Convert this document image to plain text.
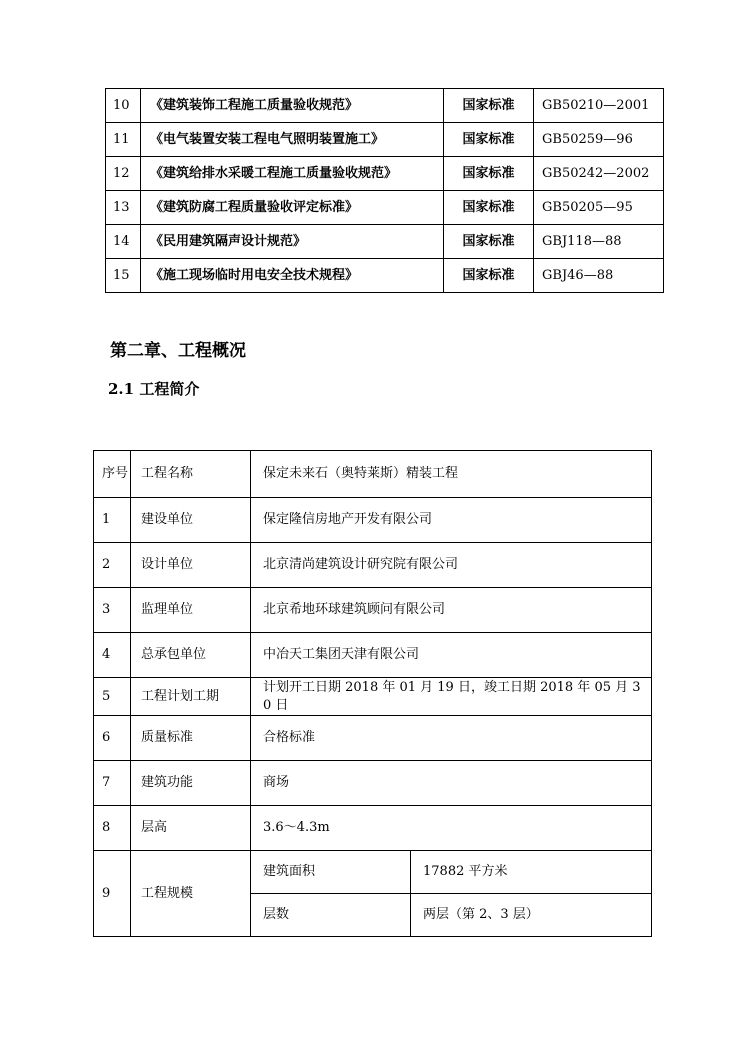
10	《建筑装饰工程施工质量验收规范》	国家标准	GB50210—2001
11	《电气装置安装工程电气照明装置施工》	国家标准	GB50259—96
12	《建筑给排水采暖工程施工质量验收规范》	国家标准	GB50242—2002
13	《建筑防腐工程质量验收评定标准》	国家标准	GB50205—95
14	《民用建筑隔声设计规范》	国家标准	GBJ118—88
15	《施工现场临时用电安全技术规程》	国家标准	GBJ46—88
第二章、工程概况
2.1 工程简介
序号	工程名称	保定未来石（奥特莱斯）精装工程	
1	建设单位	保定隆信房地产开发有限公司	
2	设计单位	北京清尚建筑设计研究院有限公司	
3	监理单位	北京希地环球建筑顾问有限公司	
4	总承包单位	中冶天工集团天津有限公司	
5	工程计划工期	计划开工日期 2018 年 01 月 19 日，竣工日期 2018 年 05 月 30 日	
6	质量标准	合格标准	
7	建筑功能	商场	
8	层高	3.6～4.3m	
9	工程规模	建筑面积	17882 平方米
		层数	两层（第 2、3 层）
